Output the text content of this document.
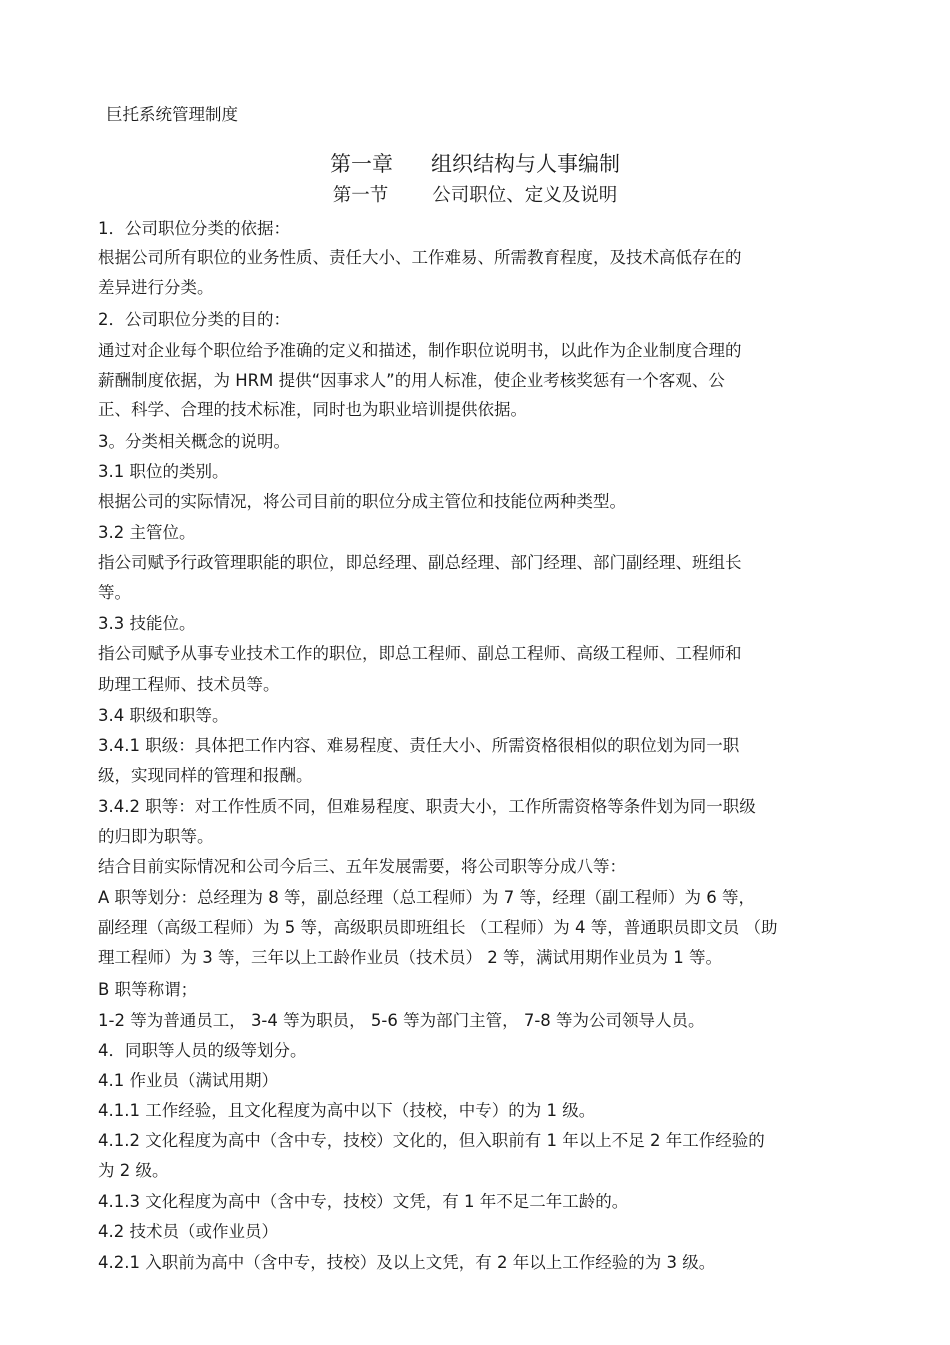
巨托系统管理制度
第一章 组织结构与人事编制
第一节 公司职位、定义及说明
1．公司职位分类的依据：
根据公司所有职位的业务性质、责任大小、工作难易、所需教育程度，及技术高低存在的
差异进行分类。
2．公司职位分类的目的：
通过对企业每个职位给予准确的定义和描述，制作职位说明书，以此作为企业制度合理的
薪酬制度依据，为 HRM 提供“因事求人”的用人标准，使企业考核奖惩有一个客观、公
正、科学、合理的技术标准，同时也为职业培训提供依据。
3。分类相关概念的说明。
3.1 职位的类别。
根据公司的实际情况，将公司目前的职位分成主管位和技能位两种类型。
3.2 主管位。
指公司赋予行政管理职能的职位，即总经理、副总经理、部门经理、部门副经理、班组长
等。
3.3 技能位。
指公司赋予从事专业技术工作的职位，即总工程师、副总工程师、高级工程师、工程师和
助理工程师、技术员等。
3.4 职级和职等。
3.4.1 职级：具体把工作内容、难易程度、责任大小、所需资格很相似的职位划为同一职
级，实现同样的管理和报酬。
3.4.2 职等：对工作性质不同，但难易程度、职责大小，工作所需资格等条件划为同一职级
的归即为职等。
结合目前实际情况和公司今后三、五年发展需要，将公司职等分成八等：
A 职等划分：总经理为 8 等，副总经理（总工程师）为 7 等，经理（副工程师）为 6 等，
副经理（高级工程师）为 5 等，高级职员即班组长 （工程师）为 4 等，普通职员即文员 （助
理工程师）为 3 等，三年以上工龄作业员（技术员） 2 等，满试用期作业员为 1 等。
B 职等称谓；
1-2 等为普通员工， 3-4 等为职员， 5-6 等为部门主管， 7-8 等为公司领导人员。
4．同职等人员的级等划分。
4.1 作业员（满试用期）
4.1.1 工作经验，且文化程度为高中以下（技校，中专）的为 1 级。
4.1.2 文化程度为高中（含中专，技校）文化的，但入职前有 1 年以上不足 2 年工作经验的
为 2 级。
4.1.3 文化程度为高中（含中专，技校）文凭，有 1 年不足二年工龄的。
4.2 技术员（或作业员）
4.2.1 入职前为高中（含中专，技校）及以上文凭，有 2 年以上工作经验的为 3 级。
